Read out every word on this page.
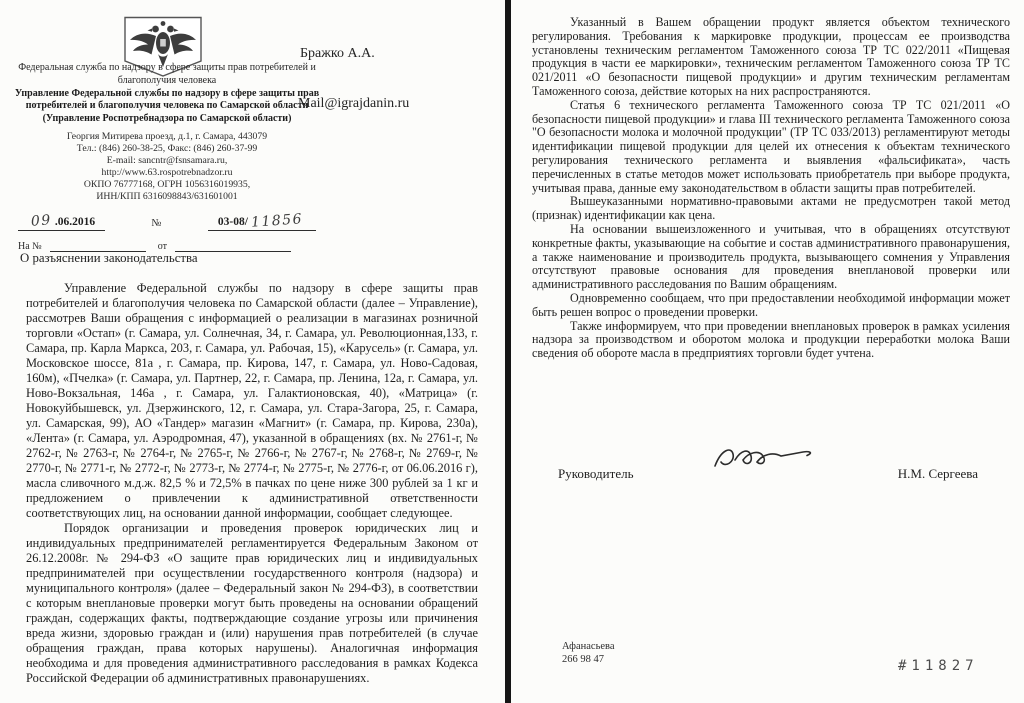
Федеральная служба по надзору в сфере защиты прав потребителей и благополучия человека
Управление Федеральной службы по надзору в сфере защиты прав потребителей и благополучия человека по Самарской области
(Управление Роспотребнадзора по Самарской области)
Георгия Митирева проезд, д.1, г. Самара, 443079
Тел.: (846) 260-38-25, Факс: (846) 260-37-99
E-mail: sancntr@fsnsamara.ru,
http://www.63.rospotrebnadzor.ru
ОКПО 76777168, ОГРН 1056316019935,
ИНН/КПП 6316098843/631601001
09 .06.2016	№	03-08/ 11856
На №	от
Бражко А.А.
Mail@igrajdanin.ru
О разъяснении законодательства

Управление Федеральной службы по надзору в сфере защиты прав потребителей и благополучия человека по Самарской области (далее – Управление), рассмотрев Ваши обращения с информацией о реализации в магазинах розничной торговли «Остап» (г. Самара, ул. Солнечная, 34, г. Самара, ул. Революционная,133, г. Самара, пр. Карла Маркса, 203, г. Самара, ул. Рабочая, 15), «Карусель» (г. Самара, ул. Московское шоссе, 81а , г. Самара, пр. Кирова, 147, г. Самара, ул. Ново-Садовая, 160м), «Пчелка» (г. Самара, ул. Партнер, 22, г. Самара, пр. Ленина, 12а, г. Самара, ул. Ново-Вокзальная, 146а , г. Самара, ул. Галактионовская, 40), «Матрица» (г. Новокуйбышевск, ул. Дзержинского, 12, г. Самара, ул. Стара-Загора, 25, г. Самара, ул. Самарская, 99), АО «Тандер» магазин «Магнит» (г. Самара, пр. Кирова, 230а), «Лента» (г. Самара, ул. Аэродромная, 47), указанной в обращениях (вх. № 2761-г, № 2762-г, № 2763-г, № 2764-г, № 2765-г, № 2766-г, № 2767-г, № 2768-г, № 2769-г, № 2770-г, № 2771-г, № 2772-г, № 2773-г, № 2774-г, № 2775-г, № 2776-г, от 06.06.2016 г), масла сливочного м.д.ж. 82,5 % и 72,5% в пачках по цене ниже 300 рублей за 1 кг и предложением о привлечении к административной ответственности соответствующих лиц, на основании данной информации, сообщает следующее.

Порядок организации и проведения проверок юридических лиц и индивидуальных предпринимателей регламентируется Федеральным Законом от 26.12.2008г. № 294-ФЗ «О защите прав юридических лиц и индивидуальных предпринимателей при осуществлении государственного контроля (надзора) и муниципального контроля» (далее – Федеральный закон № 294-ФЗ), в соответствии с которым внеплановые проверки могут быть проведены на основании обращений граждан, содержащих факты, подтверждающие создание угрозы или причинения вреда жизни, здоровью граждан и (или) нарушения прав потребителей (в случае обращения граждан, права которых нарушены). Аналогичная информация необходима и для проведения административного расследования в рамках Кодекса Российской Федерации об административных правонарушениях.

Указанный в Вашем обращении продукт является объектом технического регулирования. Требования к маркировке продукции, процессам ее производства установлены техническим регламентом Таможенного союза ТР ТС 022/2011 «Пищевая продукция в части ее маркировки», техническим регламентом Таможенного союза ТР ТС 021/2011 «О безопасности пищевой продукции» и другим техническим регламентам Таможенного союза, действие которых на них распространяются.

Статья 6 технического регламента Таможенного союза ТР ТС 021/2011 «О безопасности пищевой продукции» и глава III технического регламента Таможенного союза "О безопасности молока и молочной продукции" (ТР ТС 033/2013) регламентируют методы идентификации пищевой продукции для целей их отнесения к объектам технического регулирования технического регламента и выявления «фальсификата», часть перечисленных в статье методов может использовать приобретатель при выборе продукта, учитывая права, данные ему законодательством в области защиты прав потребителей.

Вышеуказанными нормативно-правовыми актами не предусмотрен такой метод (признак) идентификации как цена.

На основании вышеизложенного и учитывая, что в обращениях отсутствуют конкретные факты, указывающие на событие и состав административного правонарушения, а также наименование и производитель продукта, вызывающего сомнения у Управления отсутствуют правовые основания для проведения внеплановой проверки или административного расследования по Вашим обращениям.

Одновременно сообщаем, что при предоставлении необходимой информации может быть решен вопрос о проведении проверки.

Также информируем, что при проведении внеплановых проверок в рамках усиления надзора за производством и оборотом молока и продукции переработки молока Ваши сведения об обороте масла в предприятиях торговли будет учтена.

Руководитель	Н.М. Сергеева
Афанасьева
266 98 47	#11827
